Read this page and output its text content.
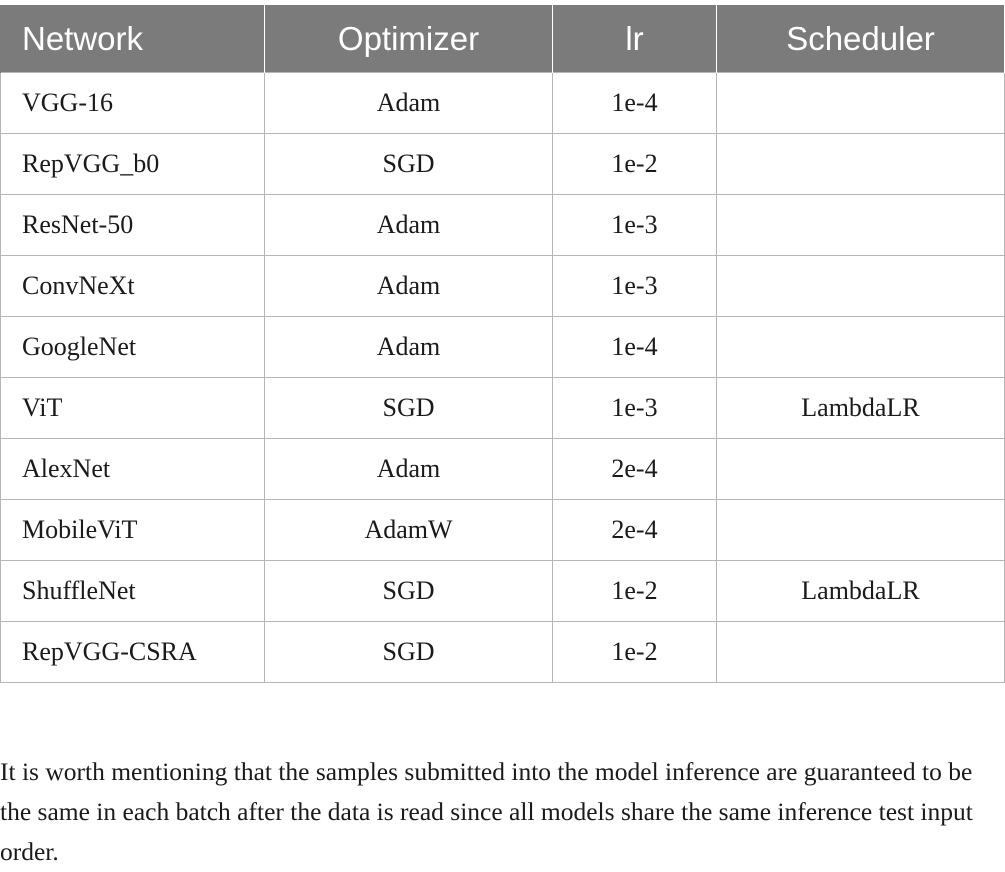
Network	Optimizer	lr	Scheduler
VGG-16	Adam	1e-4	
RepVGG_b0	SGD	1e-2	
ResNet-50	Adam	1e-3	
ConvNeXt	Adam	1e-3	
GoogleNet	Adam	1e-4	
ViT	SGD	1e-3	LambdaLR
AlexNet	Adam	2e-4	
MobileViT	AdamW	2e-4	
ShuffleNet	SGD	1e-2	LambdaLR
RepVGG-CSRA	SGD	1e-2	

It is worth mentioning that the samples submitted into the model inference are guaranteed to be the same in each batch after the data is read since all models share the same inference test input order.
